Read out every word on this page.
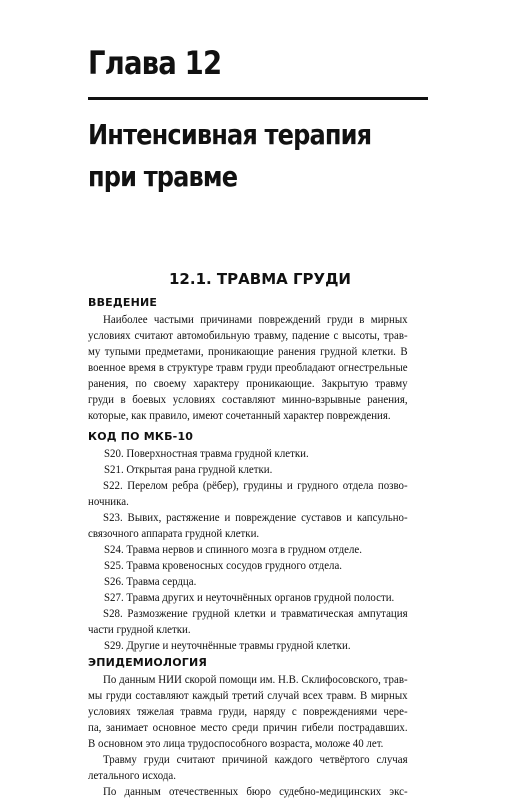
Глава 12
Интенсивная терапия
при травме
12.1. ТРАВМА ГРУДИ
ВВЕДЕНИЕ
Наиболее частыми причинами повреждений груди в мирных
условиях считают автомобильную травму, падение с высоты, трав-
му тупыми предметами, проникающие ранения грудной клетки. В
военное время в структуре травм груди преобладают огнестрельные
ранения, по своему характеру проникающие. Закрытую травму
груди в боевых условиях составляют минно-взрывные ранения,
которые, как правило, имеют сочетанный характер повреждения.
КОД ПО МКБ-10
S20. Поверхностная травма грудной клетки.
S21. Открытая рана грудной клетки.
S22. Перелом ребра (рёбер), грудины и грудного отдела позво-
ночника.
S23. Вывих, растяжение и повреждение суставов и капсульно-
связочного аппарата грудной клетки.
S24. Травма нервов и спинного мозга в грудном отделе.
S25. Травма кровеносных сосудов грудного отдела.
S26. Травма сердца.
S27. Травма других и неуточнённых органов грудной полости.
S28. Размозжение грудной клетки и травматическая ампутация
части грудной клетки.
S29. Другие и неуточнённые травмы грудной клетки.
ЭПИДЕМИОЛОГИЯ
По данным НИИ скорой помощи им. Н.В. Склифосовского, трав-
мы груди составляют каждый третий случай всех травм. В мирных
условиях тяжелая травма груди, наряду с повреждениями чере-
па, занимает основное место среди причин гибели пострадавших.
В основном это лица трудоспособного возраста, моложе 40 лет.
Травму груди считают причиной каждого четвёртого случая
летального исхода.
По данным отечественных бюро судебно-медицинских экс-
